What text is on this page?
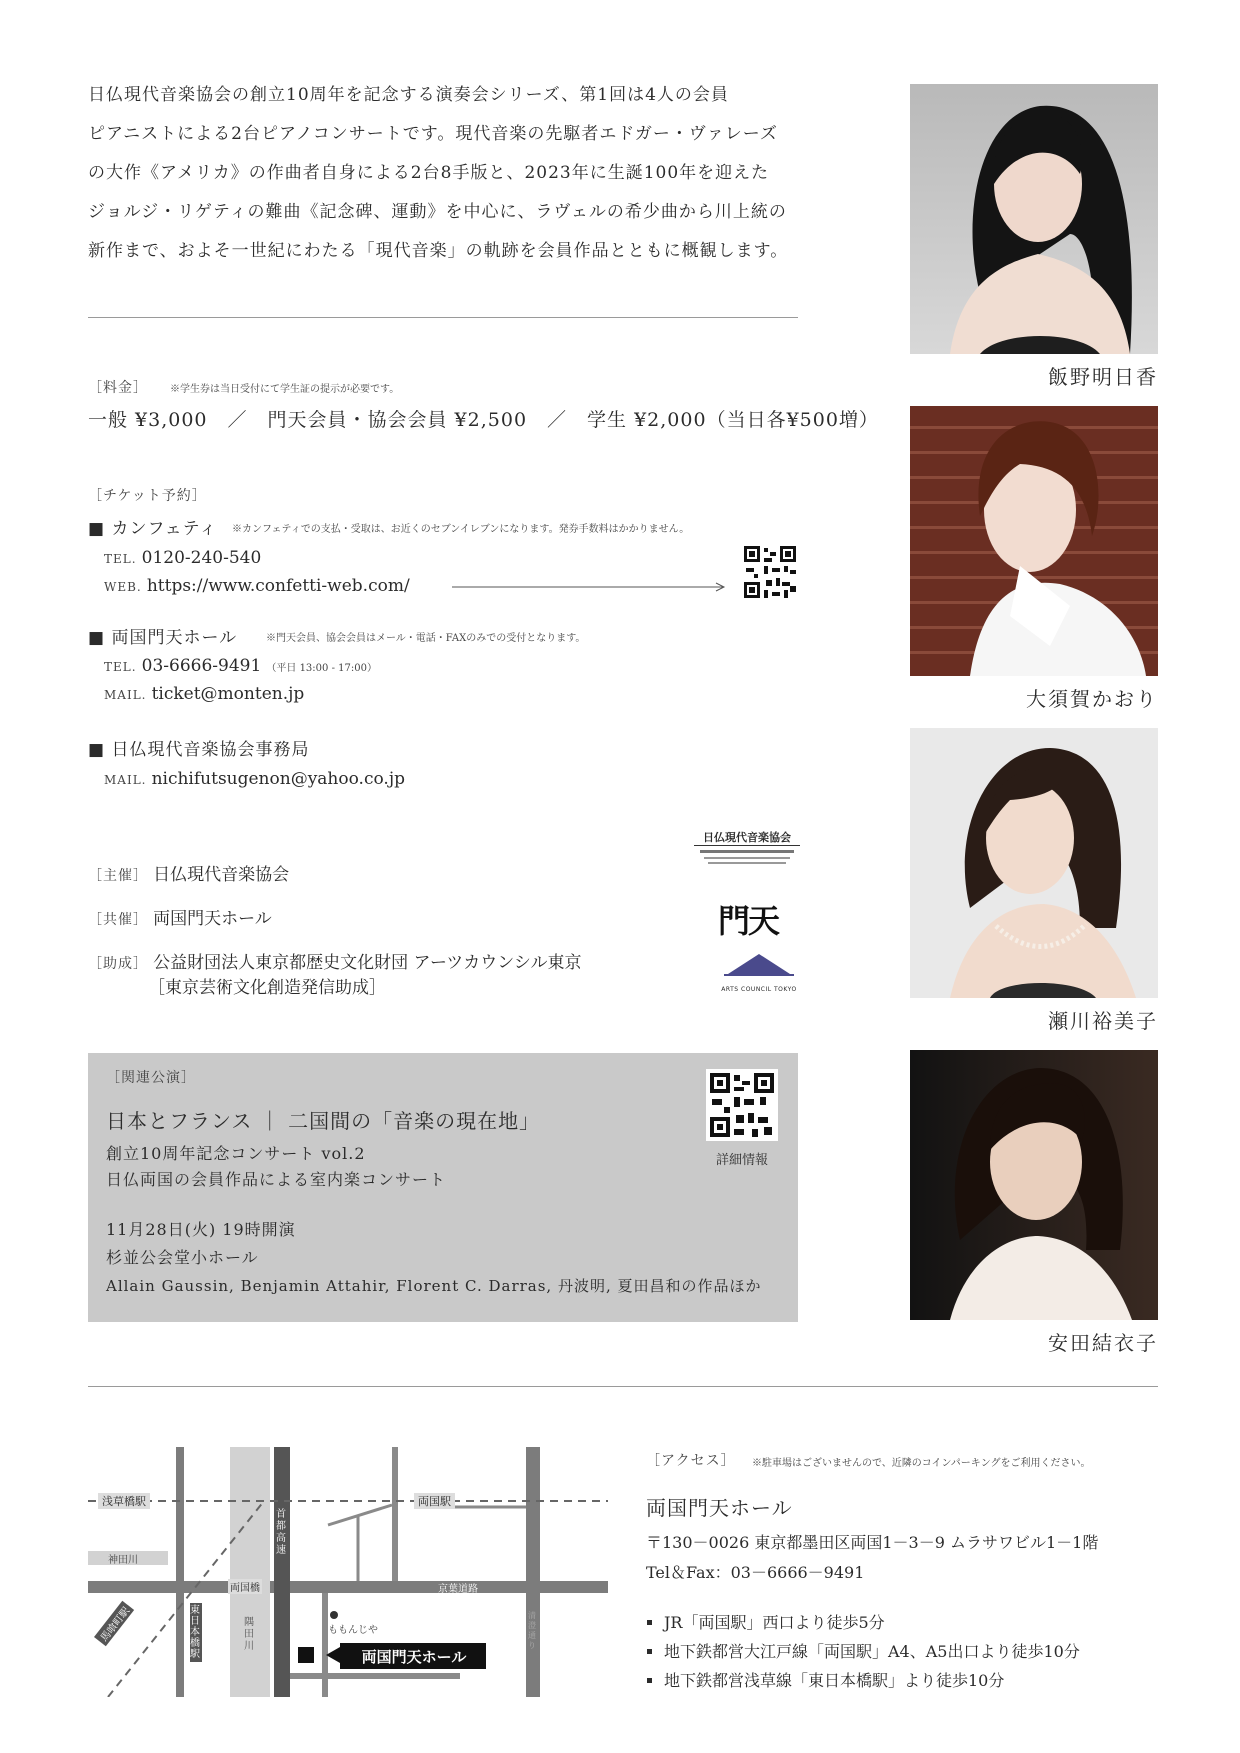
日仏現代音楽協会の創立10周年を記念する演奏会シリーズ、第1回は4人の会員
ピアニストによる2台ピアノコンサートです。現代音楽の先駆者エドガー・ヴァレーズ
の大作《アメリカ》の作曲者自身による2台8手版と、2023年に生誕100年を迎えた
ジョルジ・リゲティの難曲《記念碑、運動》を中心に、ラヴェルの希少曲から川上統の
新作まで、およそ一世紀にわたる「現代音楽」の軌跡を会員作品とともに概観します。
［料金］ ※学生券は当日受付にて学生証の提示が必要です。
一般 ¥3,000　／　門天会員・協会会員 ¥2,500　／　学生 ¥2,000（当日各¥500増）
［チケット予約］
■ カンフェティ ※カンフェティでの支払・受取は、お近くのセブンイレブンになります。発券手数料はかかりません。
TEL. 0120-240-540
WEB. https://www.confetti-web.com/
■ 両国門天ホール	※門天会員、協会会員はメール・電話・FAXのみでの受付となります。
TEL. 03-6666-9491 （平日 13:00 - 17:00）
MAIL. ticket@monten.jp
■ 日仏現代音楽協会事務局
MAIL. nichifutsugenon@yahoo.co.jp
［主催］ 日仏現代音楽協会
［共催］ 両国門天ホール
［助成］ 公益財団法人東京都歴史文化財団 アーツカウンシル東京
［東京芸術文化創造発信助成］
日仏現代音楽協会
門天
ARTS COUNCIL TOKYO
［関連公演］
日本とフランス ｜ 二国間の「音楽の現在地」
創立10周年記念コンサート vol.2
日仏両国の会員作品による室内楽コンサート
11月28日(火) 19時開演
杉並公会堂小ホール
Allain Gaussin, Benjamin Attahir, Florent C. Darras, 丹波明, 夏田昌和の作品ほか
詳細情報
飯野明日香
大須賀かおり
瀬川裕美子
安田結衣子
浅草橋駅	両国駅
神田川
首都高速
両国橋	京葉道路
隅田川
ももんじや
東日本橋駅
馬喰町駅	清澄通り
両国門天ホール
［アクセス］ ※駐車場はございませんので、近隣のコインパーキングをご利用ください。
両国門天ホール
〒130－0026 東京都墨田区両国1－3－9 ムラサワビル1－1階
Tel＆Fax：03－6666－9491
▪ JR「両国駅」西口より徒歩5分
▪ 地下鉄都営大江戸線「両国駅」A4、A5出口より徒歩10分
▪ 地下鉄都営浅草線「東日本橋駅」より徒歩10分
